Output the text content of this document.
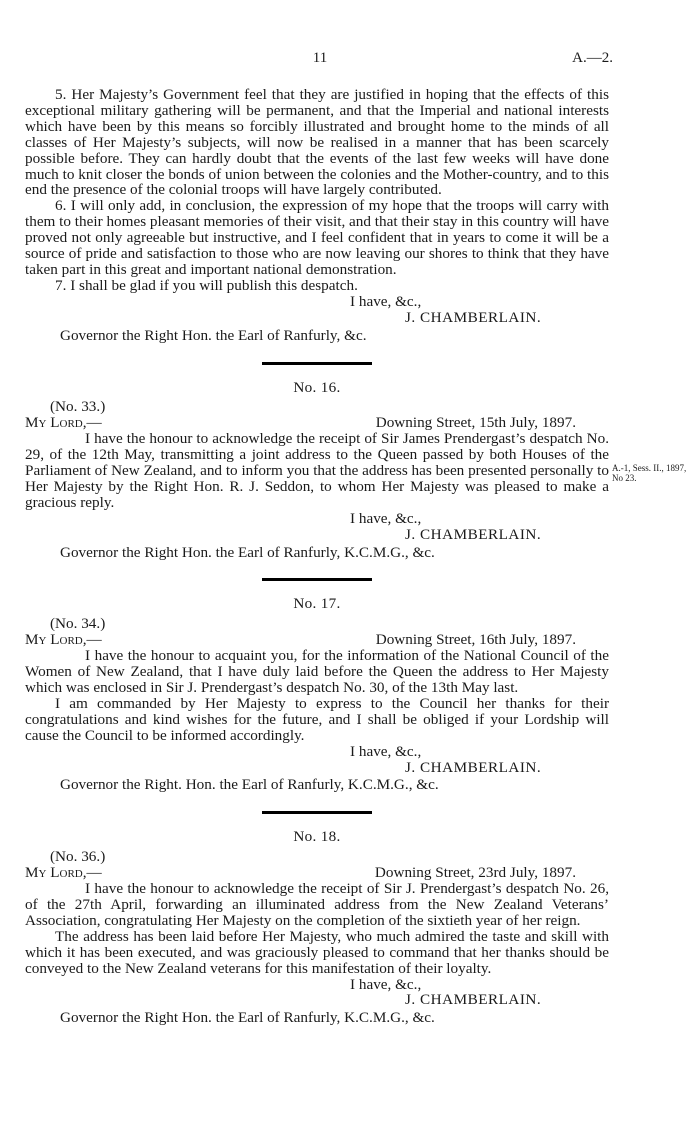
11	A.—2.

5. Her Majesty’s Government feel that they are justified in hoping that the effects of this exceptional military gathering will be permanent, and that the Imperial and national interests which have been by this means so forcibly illustrated and brought home to the minds of all classes of Her Majesty’s subjects, will now be realised in a manner that has been scarcely possible before. They can hardly doubt that the events of the last few weeks will have done much to knit closer the bonds of union between the colonies and the Mother-country, and to this end the presence of the colonial troops will have largely contributed.

6. I will only add, in conclusion, the expression of my hope that the troops will carry with them to their homes pleasant memories of their visit, and that their stay in this country will have proved not only agreeable but instructive, and I feel confident that in years to come it will be a source of pride and satisfaction to those who are now leaving our shores to think that they have taken part in this great and important national demonstration.

7. I shall be glad if you will publish this despatch.

I have, &c.,
J. CHAMBERLAIN.
Governor the Right Hon. the Earl of Ranfurly, &c.
No. 16.
(No. 33.)
My Lord,—	Downing Street, 15th July, 1897.

I have the honour to acknowledge the receipt of Sir James Prendergast’s despatch No. 29, of the 12th May, transmitting a joint address to the Queen passed by both Houses of the Parliament of New Zealand, and to inform you that the address has been presented personally to Her Majesty by the Right Hon. R. J. Seddon, to whom Her Majesty was pleased to make a gracious reply.

A.-1, Sess. II., 1897, No 23.
I have, &c.,
J. CHAMBERLAIN.
Governor the Right Hon. the Earl of Ranfurly, K.C.M.G., &c.
No. 17.
(No. 34.)
My Lord,—	Downing Street, 16th July, 1897.

I have the honour to acquaint you, for the information of the National Council of the Women of New Zealand, that I have duly laid before the Queen the address to Her Majesty which was enclosed in Sir J. Prendergast’s despatch No. 30, of the 13th May last.

I am commanded by Her Majesty to express to the Council her thanks for their congratulations and kind wishes for the future, and I shall be obliged if your Lordship will cause the Council to be informed accordingly.

I have, &c.,
J. CHAMBERLAIN.
Governor the Right. Hon. the Earl of Ranfurly, K.C.M.G., &c.
No. 18.
(No. 36.)
My Lord,—	Downing Street, 23rd July, 1897.

I have the honour to acknowledge the receipt of Sir J. Prendergast’s despatch No. 26, of the 27th April, forwarding an illuminated address from the New Zealand Veterans’ Association, congratulating Her Majesty on the completion of the sixtieth year of her reign.

The address has been laid before Her Majesty, who much admired the taste and skill with which it has been executed, and was graciously pleased to command that her thanks should be conveyed to the New Zealand veterans for this manifestation of their loyalty.

I have, &c.,
J. CHAMBERLAIN.
Governor the Right Hon. the Earl of Ranfurly, K.C.M.G., &c.
